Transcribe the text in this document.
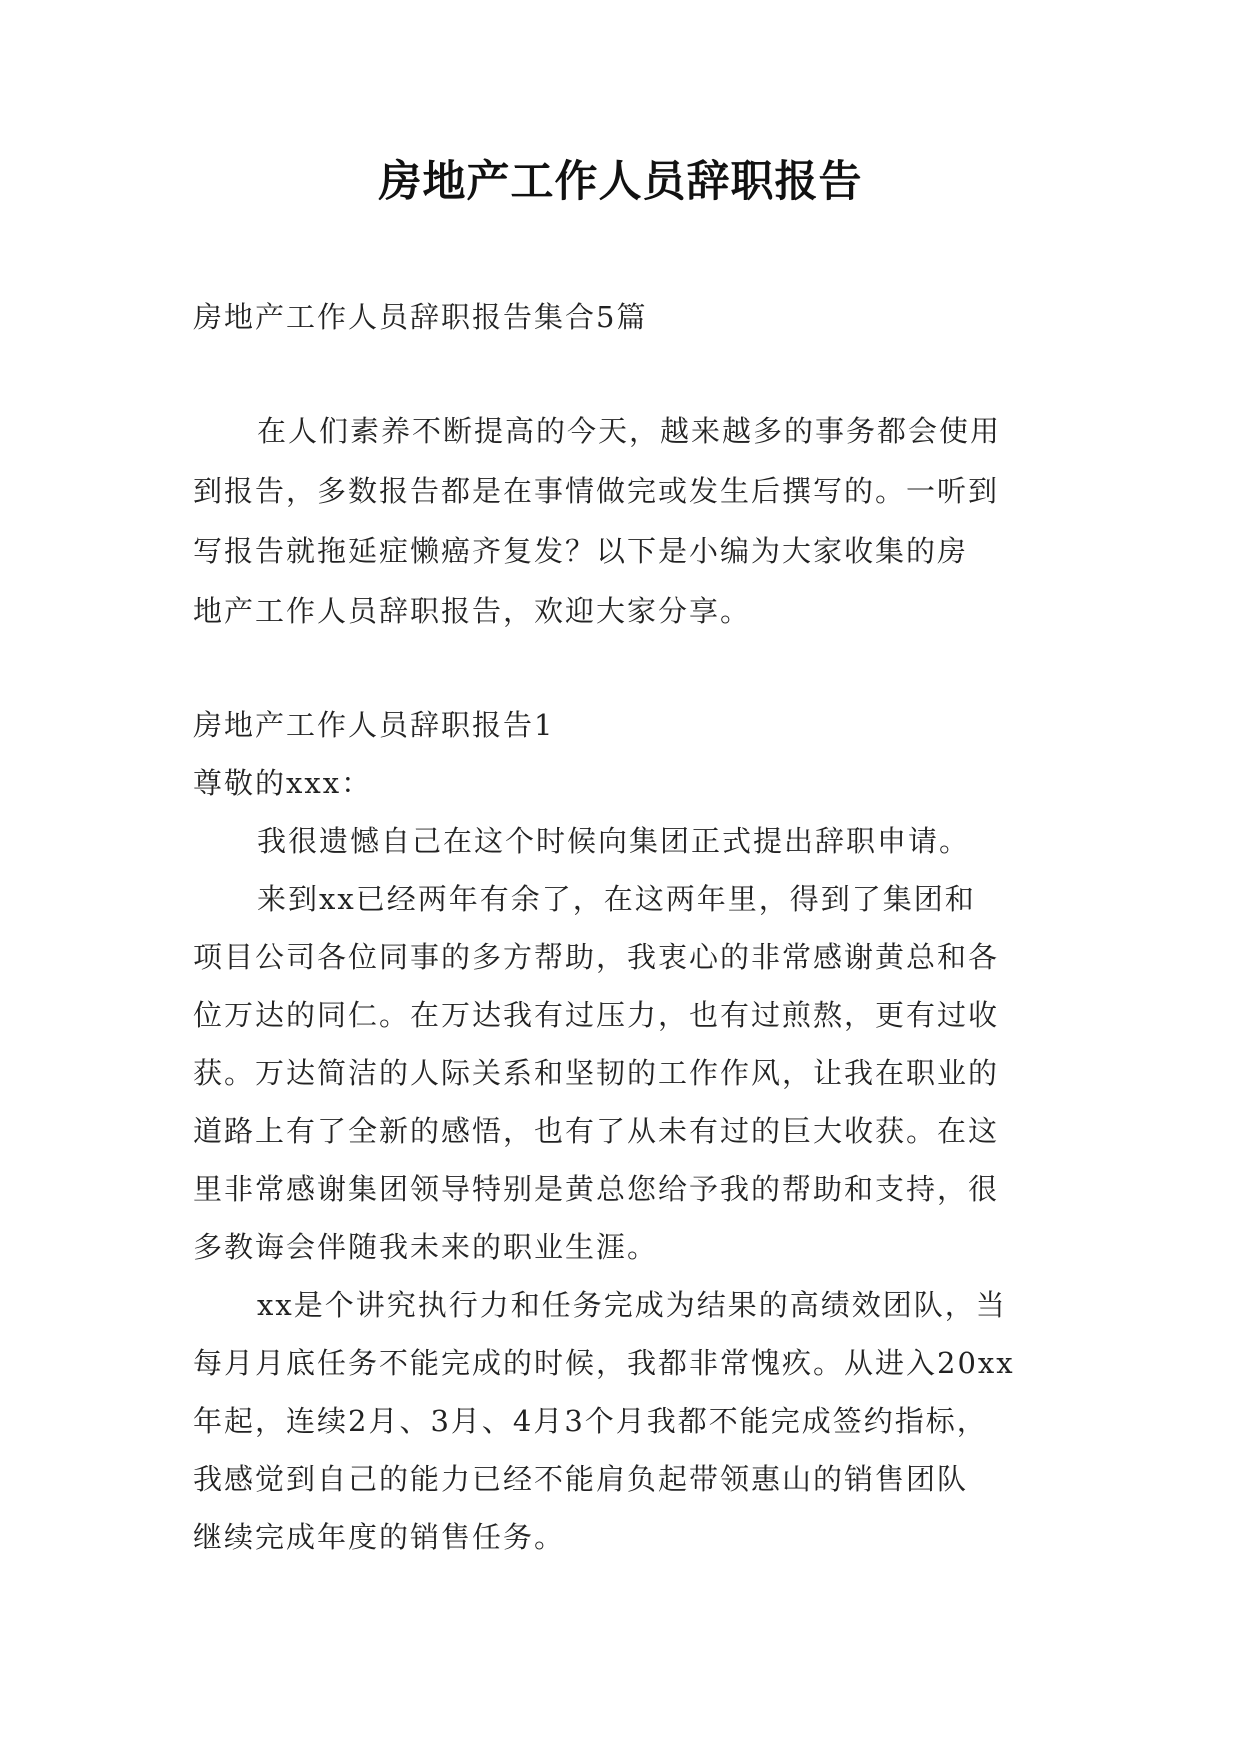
房地产工作人员辞职报告
房地产工作人员辞职报告集合5篇
在人们素养不断提高的今天，越来越多的事务都会使用
到报告，多数报告都是在事情做完或发生后撰写的。一听到
写报告就拖延症懒癌齐复发？以下是小编为大家收集的房
地产工作人员辞职报告，欢迎大家分享。
房地产工作人员辞职报告1
尊敬的xxx：
我很遗憾自己在这个时候向集团正式提出辞职申请。
来到xx已经两年有余了，在这两年里，得到了集团和
项目公司各位同事的多方帮助，我衷心的非常感谢黄总和各
位万达的同仁。在万达我有过压力，也有过煎熬，更有过收
获。万达简洁的人际关系和坚韧的工作作风，让我在职业的
道路上有了全新的感悟，也有了从未有过的巨大收获。在这
里非常感谢集团领导特别是黄总您给予我的帮助和支持，很
多教诲会伴随我未来的职业生涯。
xx是个讲究执行力和任务完成为结果的高绩效团队，当
每月月底任务不能完成的时候，我都非常愧疚。从进入20xx
年起，连续2月、3月、4月3个月我都不能完成签约指标，
我感觉到自己的能力已经不能肩负起带领惠山的销售团队
继续完成年度的销售任务。
